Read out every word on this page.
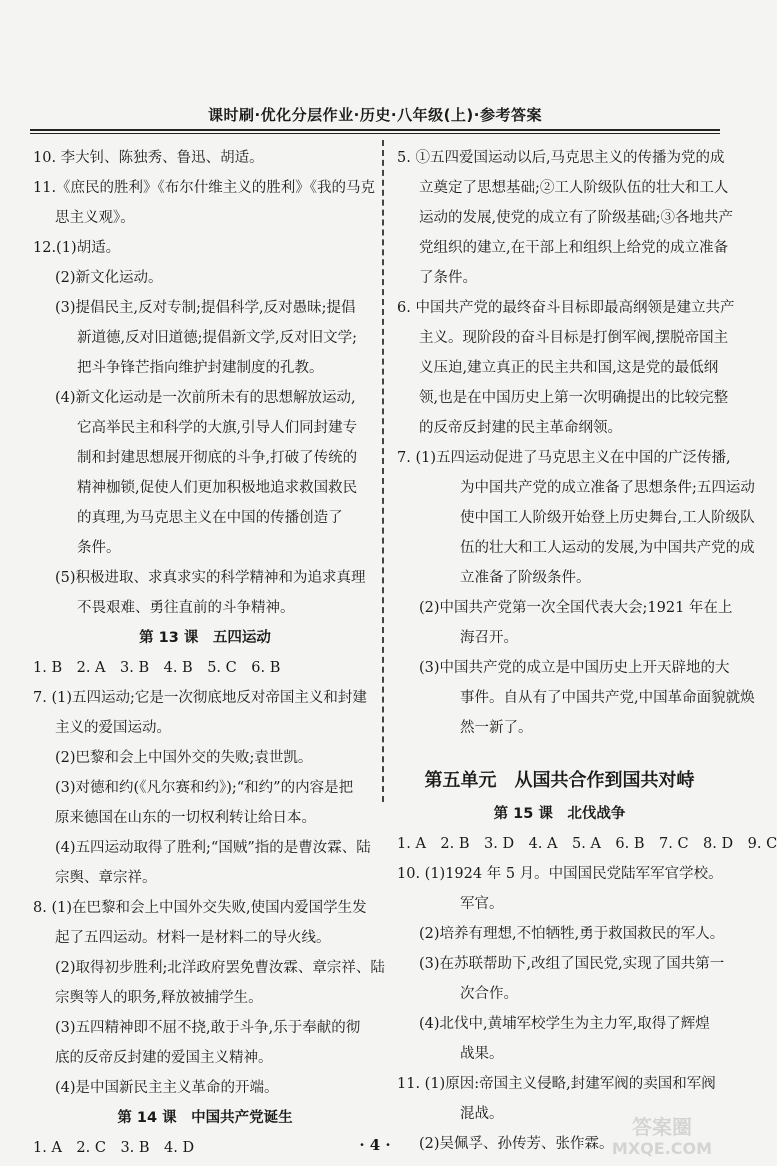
课时刷·优化分层作业·历史·八年级(上)·参考答案
10. 李大钊、陈独秀、鲁迅、胡适。
11.《庶民的胜利》《布尔什维主义的胜利》《我的马克
思主义观》。
12.(1)胡适。
(2)新文化运动。
(3)提倡民主,反对专制;提倡科学,反对愚昧;提倡
新道德,反对旧道德;提倡新文学,反对旧文学;
把斗争锋芒指向维护封建制度的孔教。
(4)新文化运动是一次前所未有的思想解放运动,
它高举民主和科学的大旗,引导人们同封建专
制和封建思想展开彻底的斗争,打破了传统的
精神枷锁,促使人们更加积极地追求救国救民
的真理,为马克思主义在中国的传播创造了
条件。
(5)积极进取、求真求实的科学精神和为追求真理
不畏艰难、勇往直前的斗争精神。
第 13 课　五四运动
1. B　2. A　3. B　4. B　5. C　6. B
7. (1)五四运动;它是一次彻底地反对帝国主义和封建
主义的爱国运动。
(2)巴黎和会上中国外交的失败;袁世凯。
(3)对德和约(《凡尔赛和约》);“和约”的内容是把
原来德国在山东的一切权利转让给日本。
(4)五四运动取得了胜利;“国贼”指的是曹汝霖、陆
宗舆、章宗祥。
8. (1)在巴黎和会上中国外交失败,使国内爱国学生发
起了五四运动。材料一是材料二的导火线。
(2)取得初步胜利;北洋政府罢免曹汝霖、章宗祥、陆
宗舆等人的职务,释放被捕学生。
(3)五四精神即不屈不挠,敢于斗争,乐于奉献的彻
底的反帝反封建的爱国主义精神。
(4)是中国新民主主义革命的开端。
第 14 课　中国共产党诞生
1. A　2. C　3. B　4. D
5. ①五四爱国运动以后,马克思主义的传播为党的成
立奠定了思想基础;②工人阶级队伍的壮大和工人
运动的发展,使党的成立有了阶级基础;③各地共产
党组织的建立,在干部上和组织上给党的成立准备
了条件。
6. 中国共产党的最终奋斗目标即最高纲领是建立共产
主义。现阶段的奋斗目标是打倒军阀,摆脱帝国主
义压迫,建立真正的民主共和国,这是党的最低纲
领,也是在中国历史上第一次明确提出的比较完整
的反帝反封建的民主革命纲领。
7. (1)五四运动促进了马克思主义在中国的广泛传播,
为中国共产党的成立准备了思想条件;五四运动
使中国工人阶级开始登上历史舞台,工人阶级队
伍的壮大和工人运动的发展,为中国共产党的成
立准备了阶级条件。
(2)中国共产党第一次全国代表大会;1921 年在上
海召开。
(3)中国共产党的成立是中国历史上开天辟地的大
事件。自从有了中国共产党,中国革命面貌就焕
然一新了。
第五单元　从国共合作到国共对峙
第 15 课　北伐战争
1. A　2. B　3. D　4. A　5. A　6. B　7. C　8. D　9. C
10. (1)1924 年 5 月。中国国民党陆军军官学校。
军官。
(2)培养有理想,不怕牺牲,勇于救国救民的军人。
(3)在苏联帮助下,改组了国民党,实现了国共第一
次合作。
(4)北伐中,黄埔军校学生为主力军,取得了辉煌
战果。
11. (1)原因:帝国主义侵略,封建军阀的卖国和军阀
混战。
(2)吴佩孚、孙传芳、张作霖。
· 4 ·
答案圈
MXQE.COM
